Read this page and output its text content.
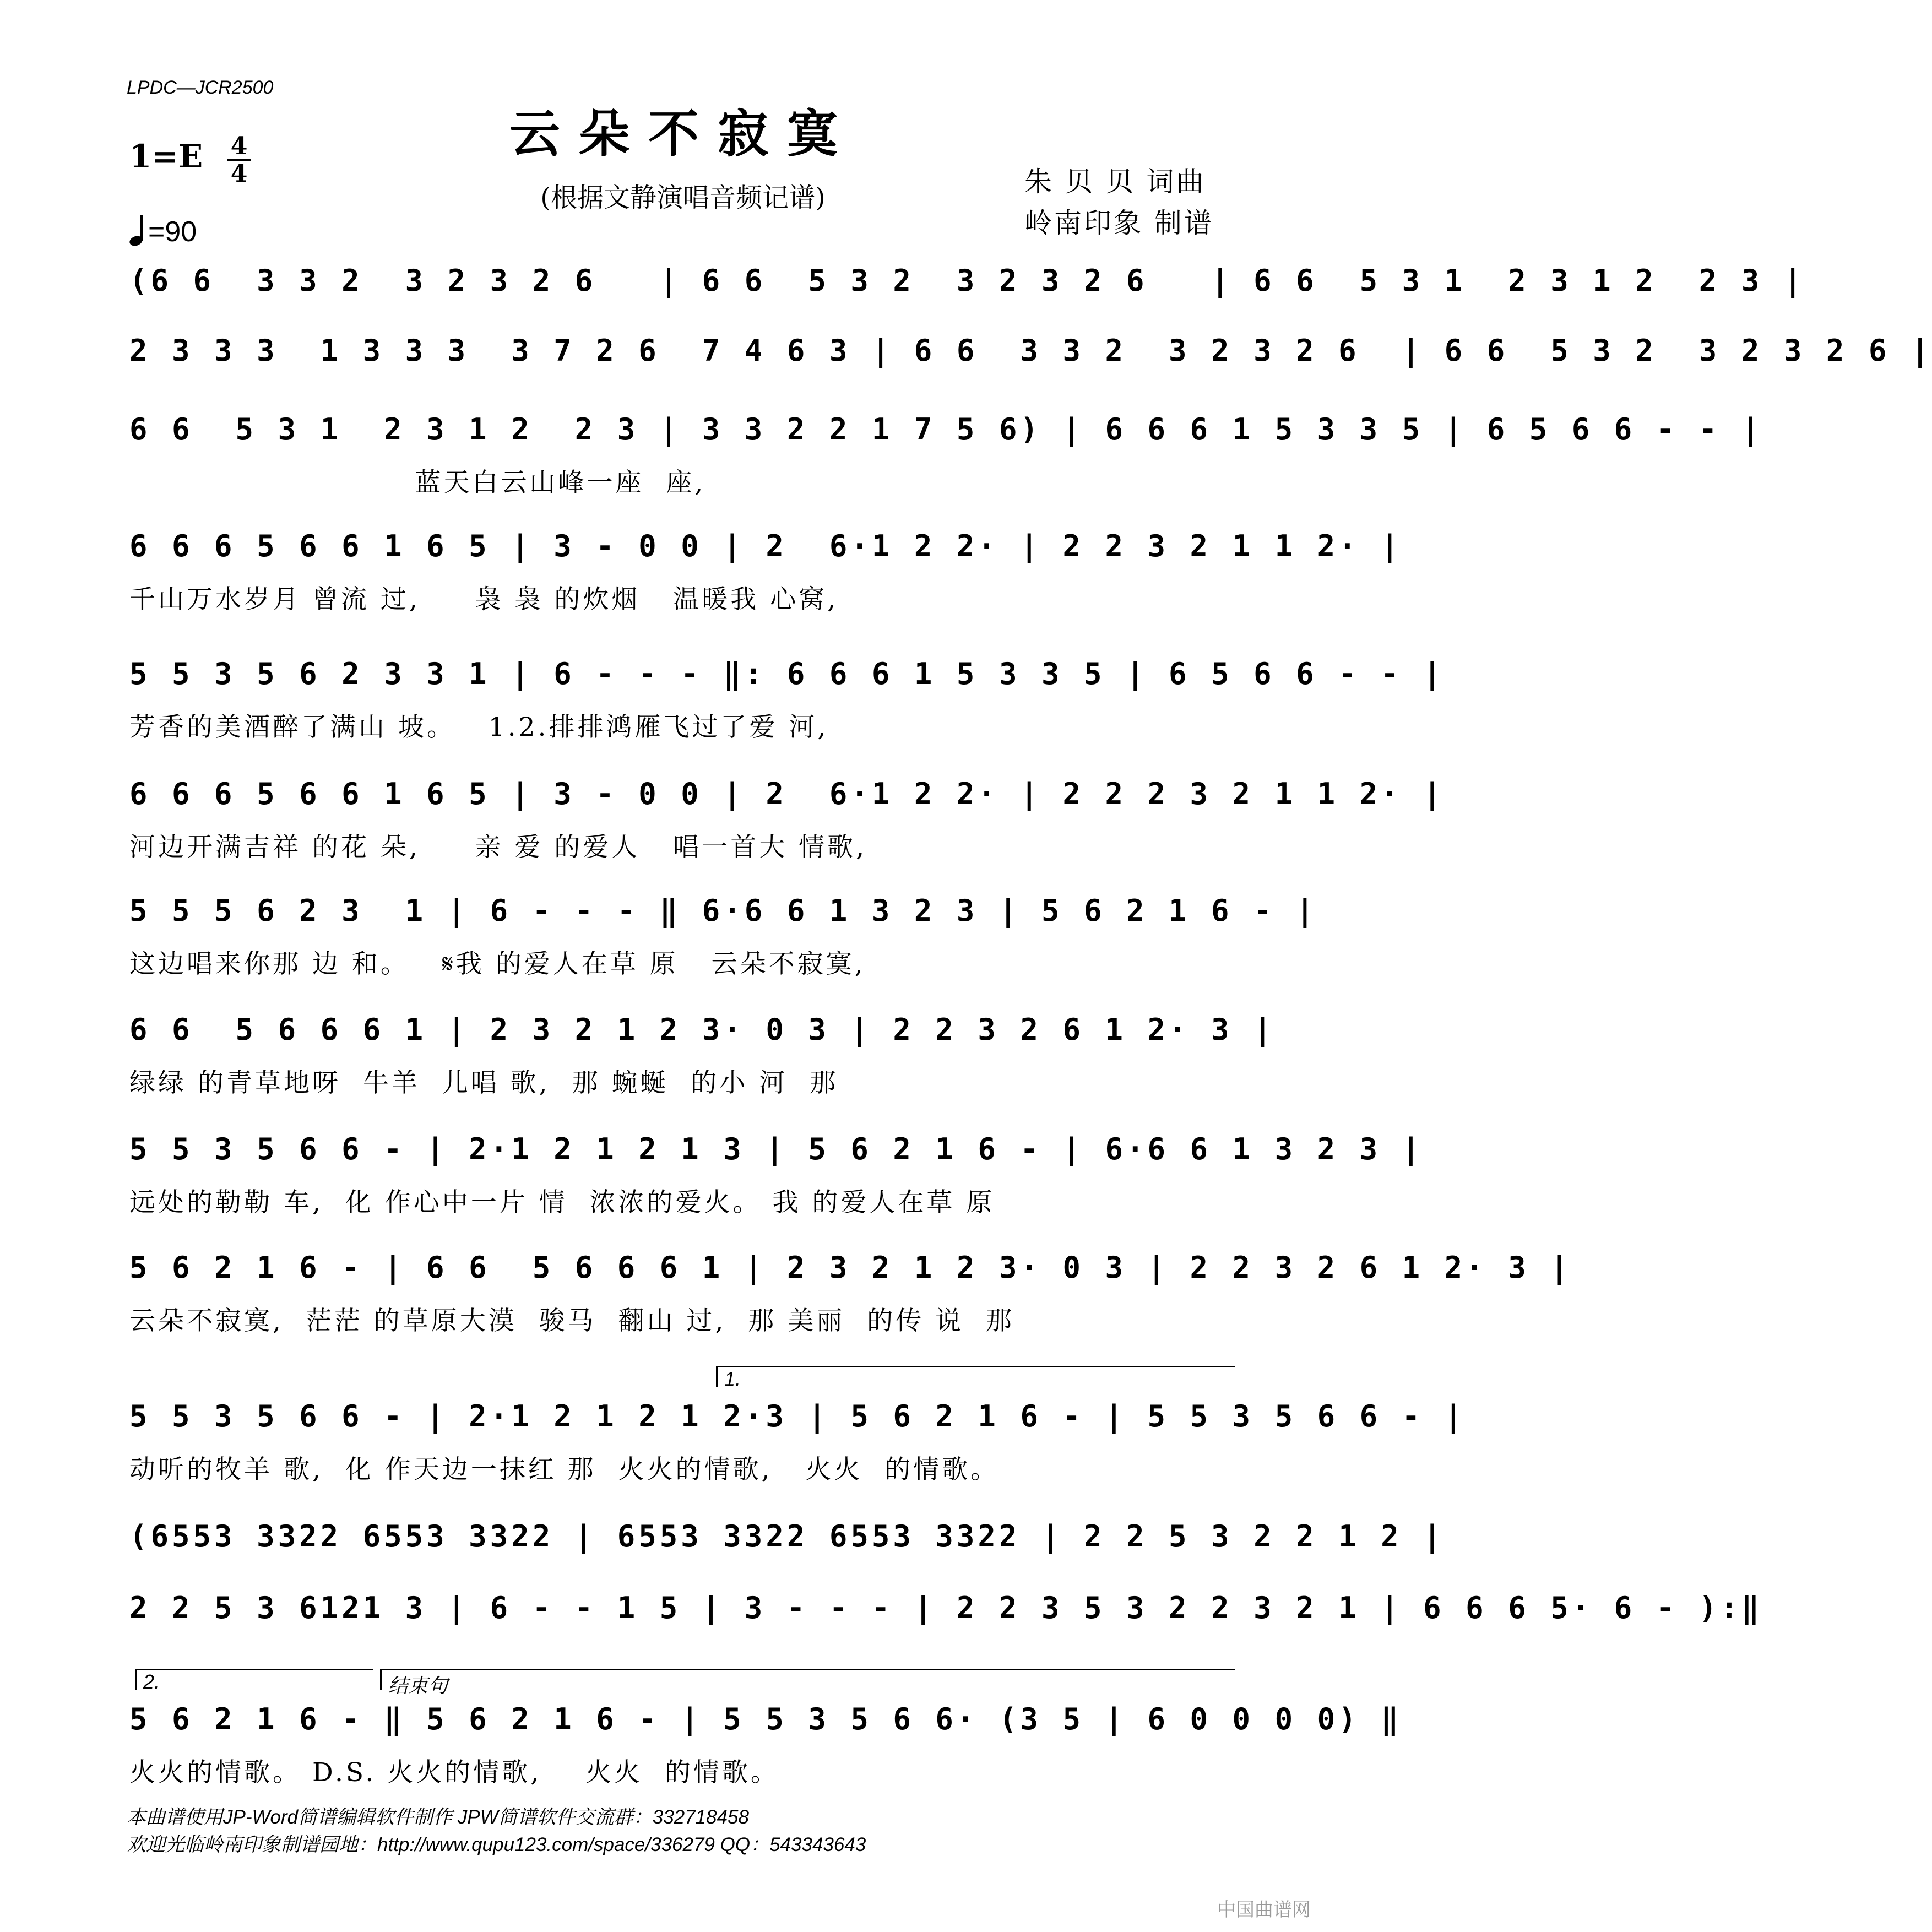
LPDC—JCR2500
云朵不寂寞
(根据文静演唱音频记谱)
1=E 4
4
=90
朱 贝 贝 词曲
岭南印象 制谱
(6 6  3 3 2  3 2 3 2 6   | 6 6  5 3 2  3 2 3 2 6   | 6 6  5 3 1  2 3 1 2  2 3 |
2 3 3 3  1 3 3 3  3 7 2 6  7 4 6 3 | 6 6  3 3 2  3 2 3 2 6  | 6 6  5 3 2  3 2 3 2 6 |
6 6  5 3 1  2 3 1 2  2 3 | 3 3 2 2 1 7 5 6) | 6 6 6 1 5 3 3 5 | 6 5 6 6 - - |
蓝天白云山峰一座  座,
6 6 6 5 6 6 1 6 5 | 3 - 0 0 | 2  6·1 2 2· | 2 2 3 2 1 1 2· |
千山万水岁月 曾流 过,     袅 袅 的炊烟   温暖我 心窝,
5 5 3 5 6 2 3 3 1 | 6 - - - ‖: 6 6 6 1 5 3 3 5 | 6 5 6 6 - - |
芳香的美酒醉了满山 坡。   1.2.排排鸿雁飞过了爱 河,
6 6 6 5 6 6 1 6 5 | 3 - 0 0 | 2  6·1 2 2· | 2 2 2 3 2 1 1 2· |
河边开满吉祥 的花 朵,     亲 爱 的爱人   唱一首大 情歌,
5 5 5 6 2 3  1 | 6 - - - ‖ 6·6 6 1 3 2 3 | 5 6 2 1 6 - |
这边唱来你那 边 和。   𝄋我 的爱人在草 原   云朵不寂寞,
6 6  5 6 6 6 1 | 2 3 2 1 2 3· 0 3 | 2 2 3 2 6 1 2· 3 |
绿绿 的青草地呀  牛羊  儿唱 歌,  那 蜿蜒  的小 河  那
5 5 3 5 6 6 - | 2·1 2 1 2 1 3 | 5 6 2 1 6 - | 6·6 6 1 3 2 3 |
远处的勒勒 车,  化 作心中一片 情  浓浓的爱火。 我 的爱人在草 原
5 6 2 1 6 - | 6 6  5 6 6 6 1 | 2 3 2 1 2 3· 0 3 | 2 2 3 2 6 1 2· 3 |
云朵不寂寞,  茫茫 的草原大漠  骏马  翻山 过,  那 美丽  的传 说  那
1.
5 5 3 5 6 6 - | 2·1 2 1 2 1 2·3 | 5 6 2 1 6 - | 5 5 3 5 6 6 - |
动听的牧羊 歌,  化 作天边一抹红 那  火火的情歌,   火火  的情歌。
(6553 3322 6553 3322 | 6553 3322 6553 3322 | 2 2 5 3 2 2 1 2 |
2 2 5 3 6121 3 | 6 - - 1 5 | 3 - - - | 2 2 3 5 3 2 2 3 2 1 | 6 6 6 5· 6 - ):‖
2.	结束句
5 6 2 1 6 - ‖ 5 6 2 1 6 - | 5 5 3 5 6 6· (3 5 | 6 0 0 0 0) ‖
火火的情歌。 D.S. 火火的情歌,    火火  的情歌。
本曲谱使用JP-Word简谱编辑软件制作 JPW简谱软件交流群：332718458
欢迎光临岭南印象制谱园地：http://www.qupu123.com/space/336279 QQ：543343643
中国曲谱网
